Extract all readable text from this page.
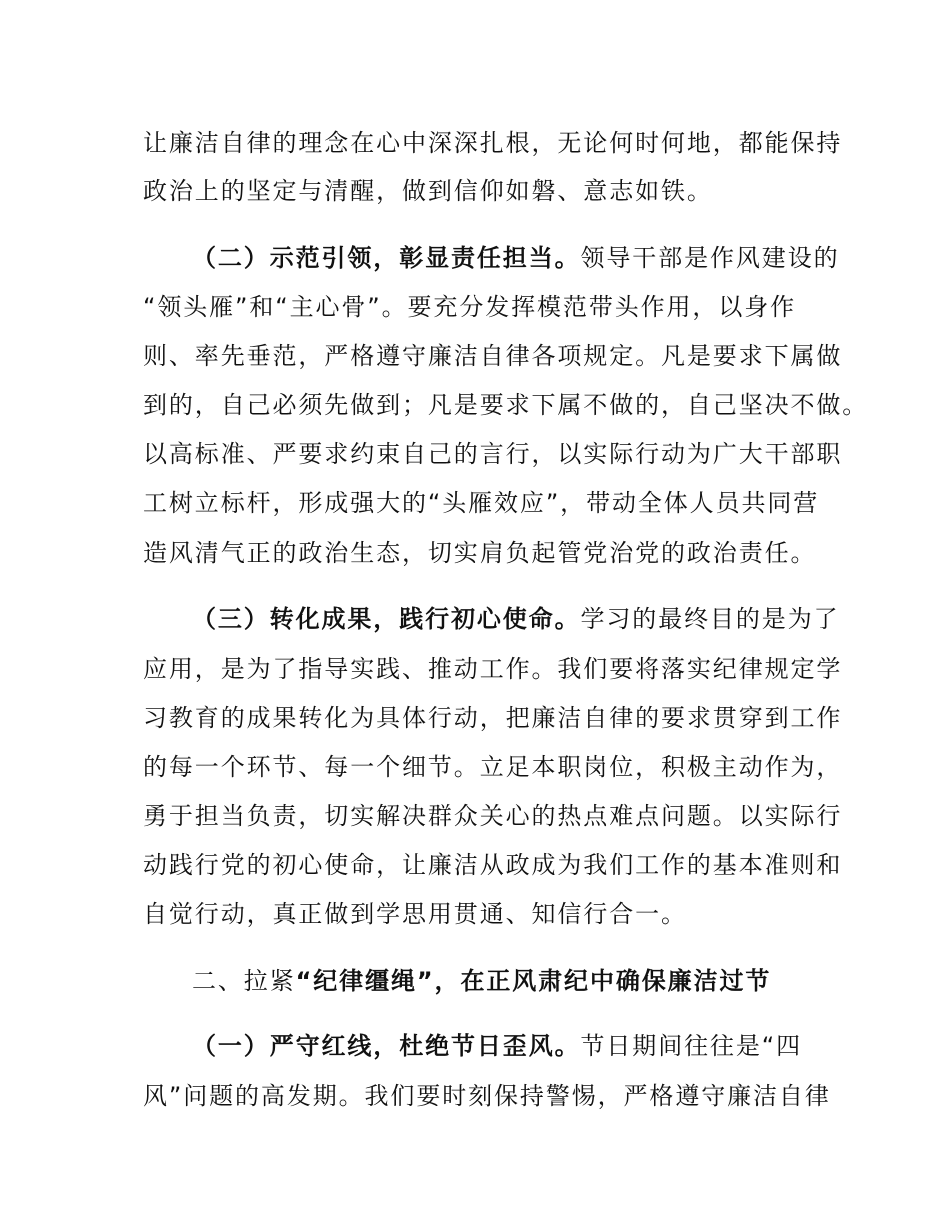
让廉洁自律的理念在心中深深扎根，无论何时何地，都能保持
政治上的坚定与清醒，做到信仰如磐、意志如铁。
（二）示范引领，彰显责任担当。领导干部是作风建设的
“领头雁”和“主心骨”。要充分发挥模范带头作用，以身作
则、率先垂范，严格遵守廉洁自律各项规定。凡是要求下属做
到的，自己必须先做到；凡是要求下属不做的，自己坚决不做。
以高标准、严要求约束自己的言行，以实际行动为广大干部职
工树立标杆，形成强大的“头雁效应”，带动全体人员共同营
造风清气正的政治生态，切实肩负起管党治党的政治责任。
（三）转化成果，践行初心使命。学习的最终目的是为了
应用，是为了指导实践、推动工作。我们要将落实纪律规定学
习教育的成果转化为具体行动，把廉洁自律的要求贯穿到工作
的每一个环节、每一个细节。立足本职岗位，积极主动作为，
勇于担当负责，切实解决群众关心的热点难点问题。以实际行
动践行党的初心使命，让廉洁从政成为我们工作的基本准则和
自觉行动，真正做到学思用贯通、知信行合一。
二、拉紧“纪律缰绳”，在正风肃纪中确保廉洁过节
（一）严守红线，杜绝节日歪风。节日期间往往是“四
风”问题的高发期。我们要时刻保持警惕，严格遵守廉洁自律
